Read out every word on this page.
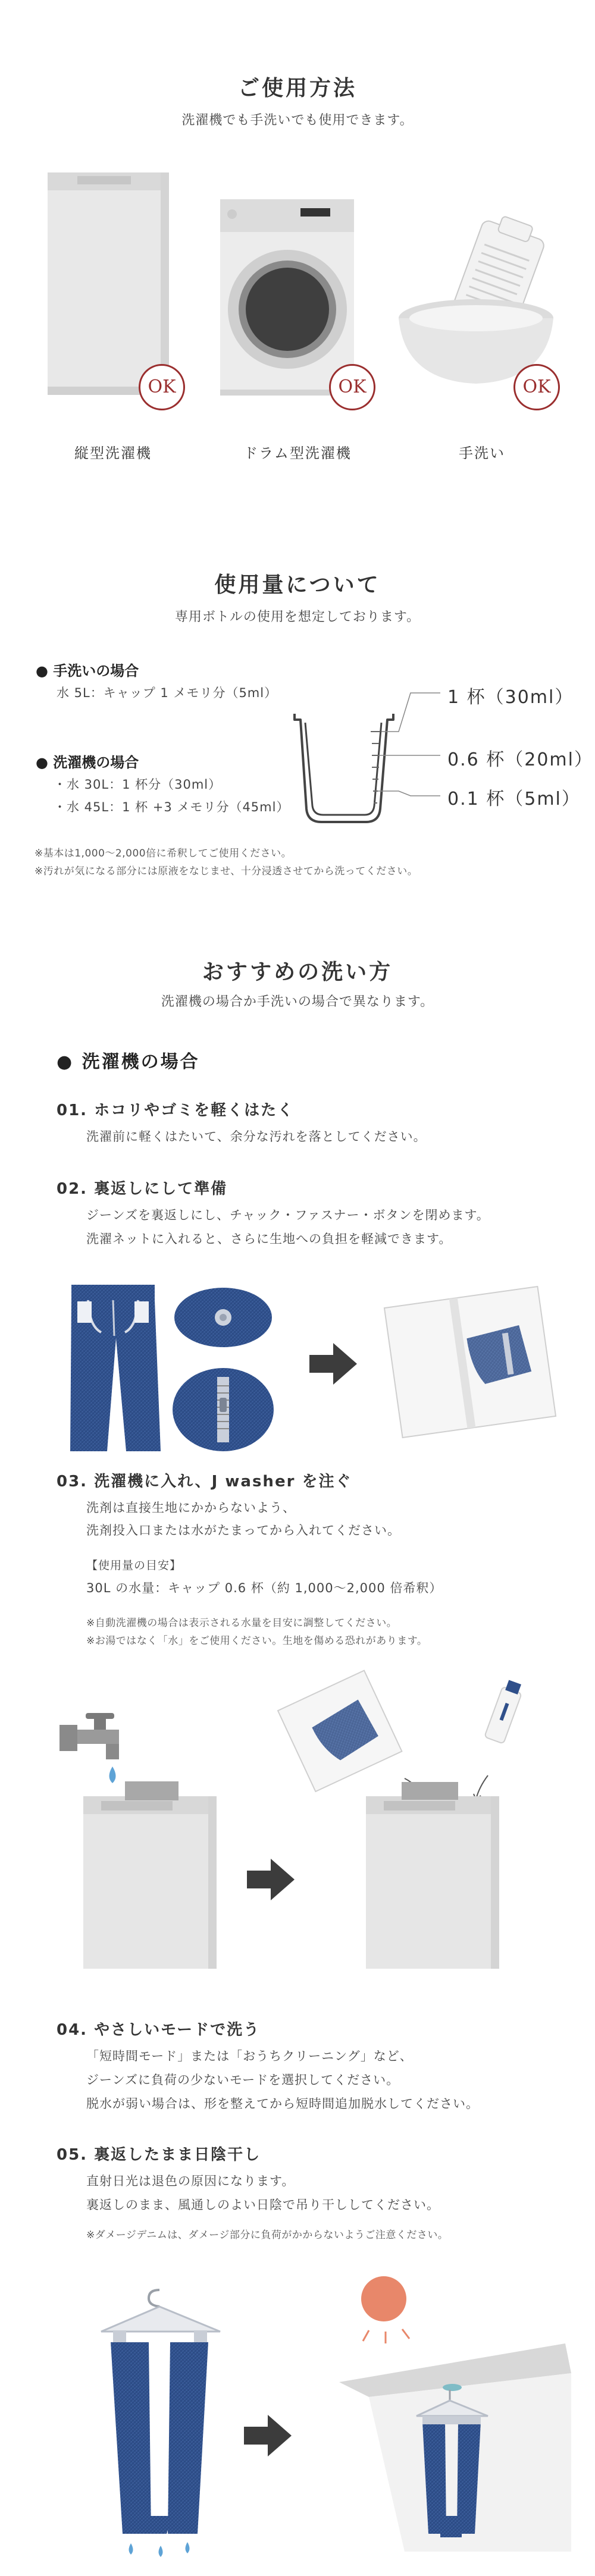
ご使用方法
洗濯機でも手洗いでも使用できます。
OK	OK	OK
縦型洗濯機	ドラム型洗濯機	手洗い
使用量について
専用ボトルの使用を想定しております。
● 手洗いの場合
水 5L：キャップ 1 メモリ分（5ml）
● 洗濯機の場合
・水 30L：1 杯分（30ml）
・水 45L：1 杯 +3 メモリ分（45ml）
1 杯（30ml）
0.6 杯（20ml）
0.1 杯（5ml）
※基本は1,000〜2,000倍に希釈してご使用ください。
※汚れが気になる部分には原液をなじませ、十分浸透させてから洗ってください。
おすすめの洗い方
洗濯機の場合か手洗いの場合で異なります。
● 洗濯機の場合
01. ホコリやゴミを軽くはたく
洗濯前に軽くはたいて、余分な汚れを落としてください。
02. 裏返しにして準備
ジーンズを裏返しにし、チャック・ファスナー・ボタンを閉めます。
洗濯ネットに入れると、さらに生地への負担を軽減できます。
03. 洗濯機に入れ、J washer を注ぐ
洗剤は直接生地にかからないよう、
洗剤投入口または水がたまってから入れてください。
【使用量の目安】
30L の水量：キャップ 0.6 杯（約 1,000〜2,000 倍希釈）
※自動洗濯機の場合は表示される水量を目安に調整してください。
※お湯ではなく「水」をご使用ください。生地を傷める恐れがあります。
04. やさしいモードで洗う
「短時間モード」または「おうちクリーニング」など、
ジーンズに負荷の少ないモードを選択してください。
脱水が弱い場合は、形を整えてから短時間追加脱水してください。
05. 裏返したまま日陰干し
直射日光は退色の原因になります。
裏返しのまま、風通しのよい日陰で吊り干ししてください。
※ダメージデニムは、ダメージ部分に負荷がかからないようご注意ください。
